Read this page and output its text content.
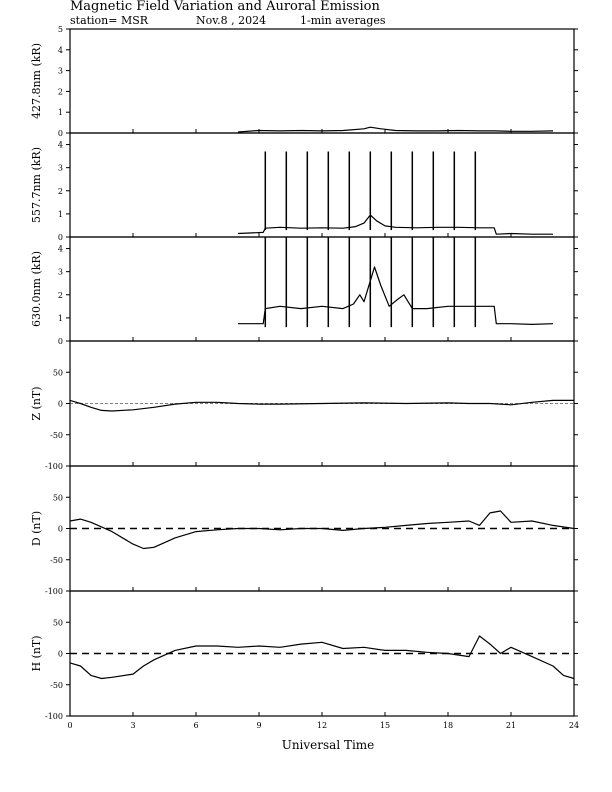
Magnetic Field Variation and Auroral Emission
station= MSR	Nov.8 , 2024	1-min averages
0
1
2
3
4
5
427.8nm (kR)
0
1
2
3
4
557.7nm (kR)
0
1
2
3
4
630.0nm (kR)
-100
-50
0
50
Z (nT)
-100
-50
0
50
D (nT)
-100
-50
0
50
H (nT)
0	3	6	9	12	15	18	21	24
Universal Time
